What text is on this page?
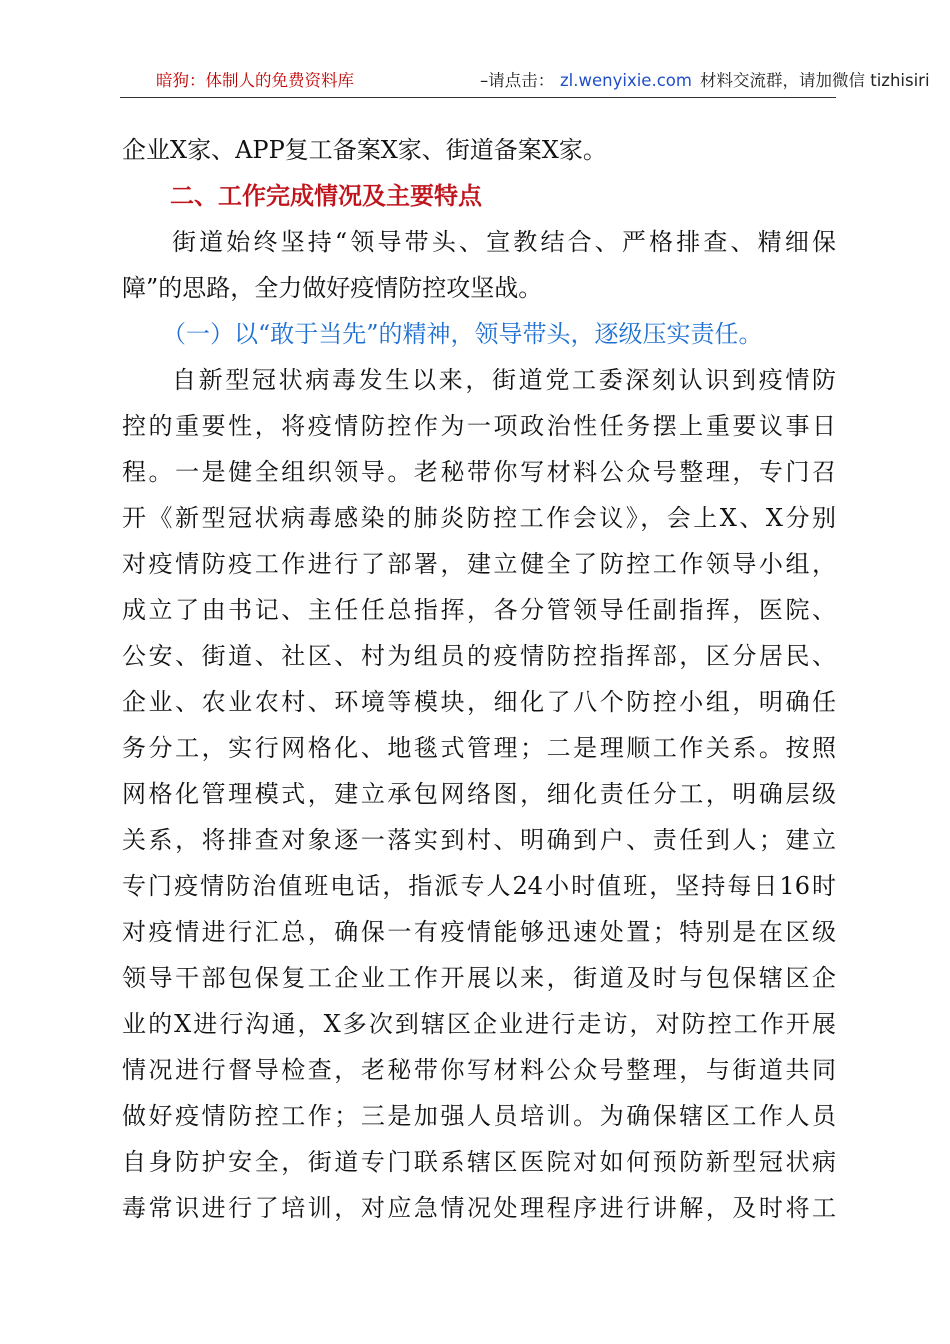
暗狗：体制人的免费资料库	–请点击： zl.wenyixie.com 材料交流群，请加微信 tizhisiri
企业X家、APP复工备案X家、街道备案X家。
二、工作完成情况及主要特点
街道始终坚持“领导带头、宣教结合、严格排查、精细保
障”的思路，全力做好疫情防控攻坚战。
（一）以“敢于当先”的精神，领导带头，逐级压实责任。
自新型冠状病毒发生以来，街道党工委深刻认识到疫情防
控的重要性，将疫情防控作为一项政治性任务摆上重要议事日
程。一是健全组织领导。老秘带你写材料公众号整理，专门召
开《新型冠状病毒感染的肺炎防控工作会议》，会上X、X分别
对疫情防疫工作进行了部署，建立健全了防控工作领导小组，
成立了由书记、主任任总指挥，各分管领导任副指挥，医院、
公安、街道、社区、村为组员的疫情防控指挥部，区分居民、
企业、农业农村、环境等模块，细化了八个防控小组，明确任
务分工，实行网格化、地毯式管理；二是理顺工作关系。按照
网格化管理模式，建立承包网络图，细化责任分工，明确层级
关系，将排查对象逐一落实到村、明确到户、责任到人；建立
专门疫情防治值班电话，指派专人24小时值班，坚持每日16时
对疫情进行汇总，确保一有疫情能够迅速处置；特别是在区级
领导干部包保复工企业工作开展以来，街道及时与包保辖区企
业的X进行沟通，X多次到辖区企业进行走访，对防控工作开展
情况进行督导检查，老秘带你写材料公众号整理，与街道共同
做好疫情防控工作；三是加强人员培训。为确保辖区工作人员
自身防护安全，街道专门联系辖区医院对如何预防新型冠状病
毒常识进行了培训，对应急情况处理程序进行讲解，及时将工
